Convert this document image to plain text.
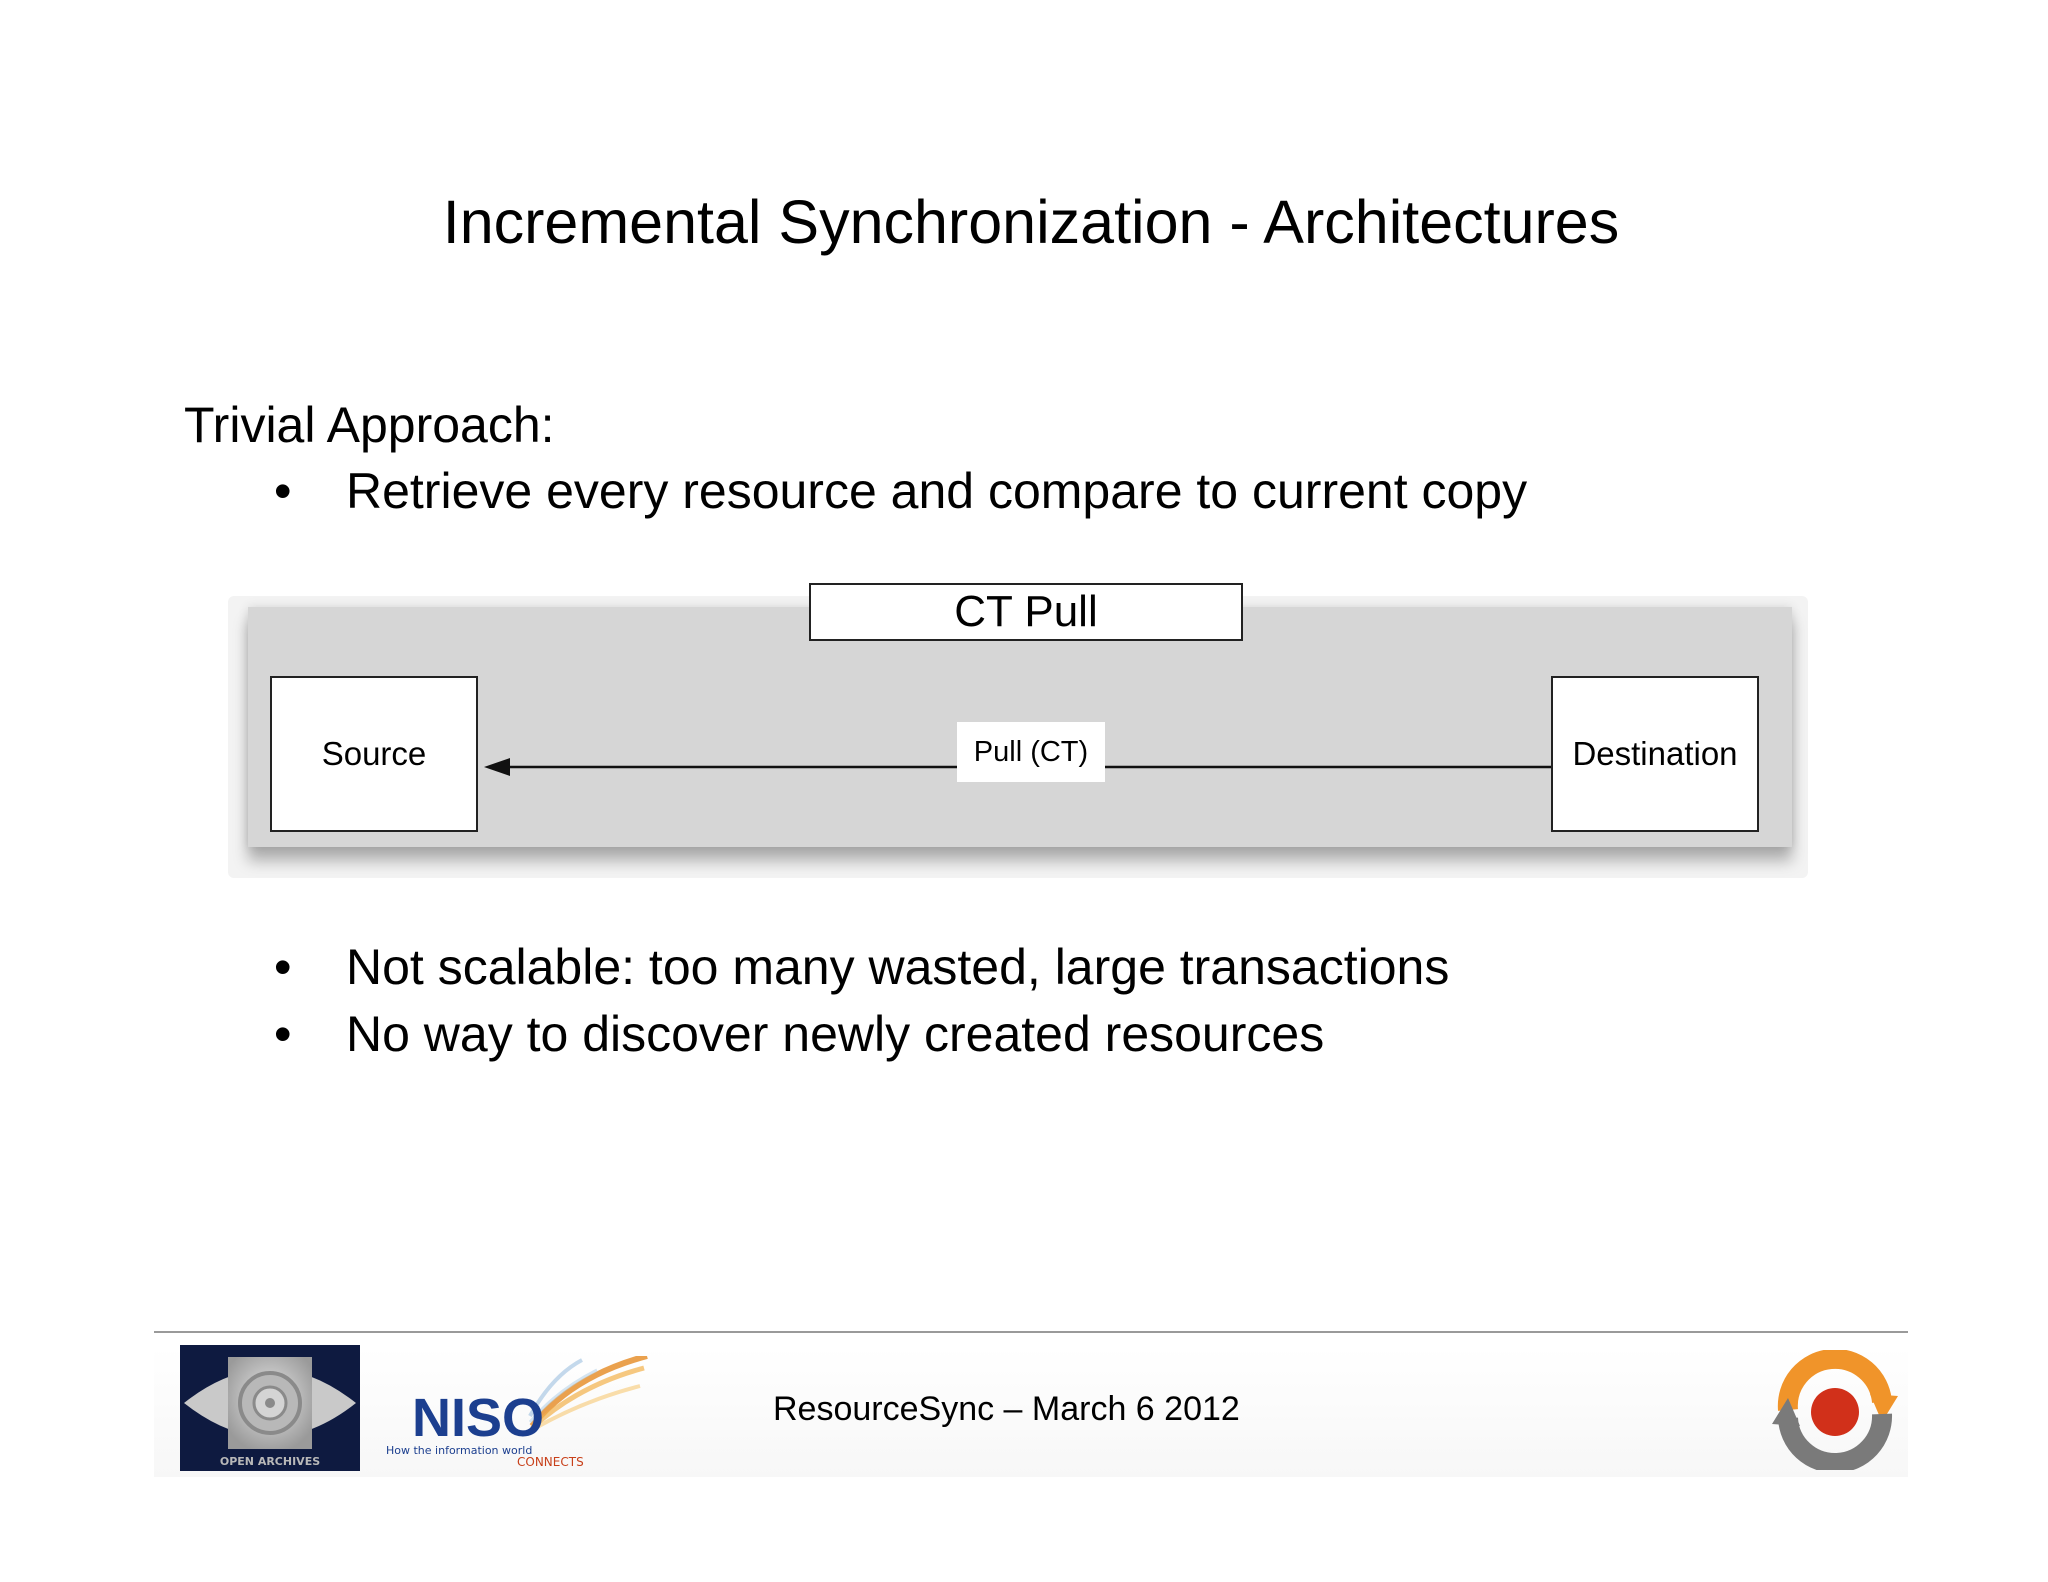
Incremental Synchronization - Architectures
Trivial Approach:
•	Retrieve every resource and compare to current copy
CT Pull
Source	Destination
Pull (CT)
•	Not scalable: too many wasted, large transactions
•	No way to discover newly created resources
OPEN ARCHIVES
NISO
How the information world
CONNECTS
ResourceSync – March 6 2012
